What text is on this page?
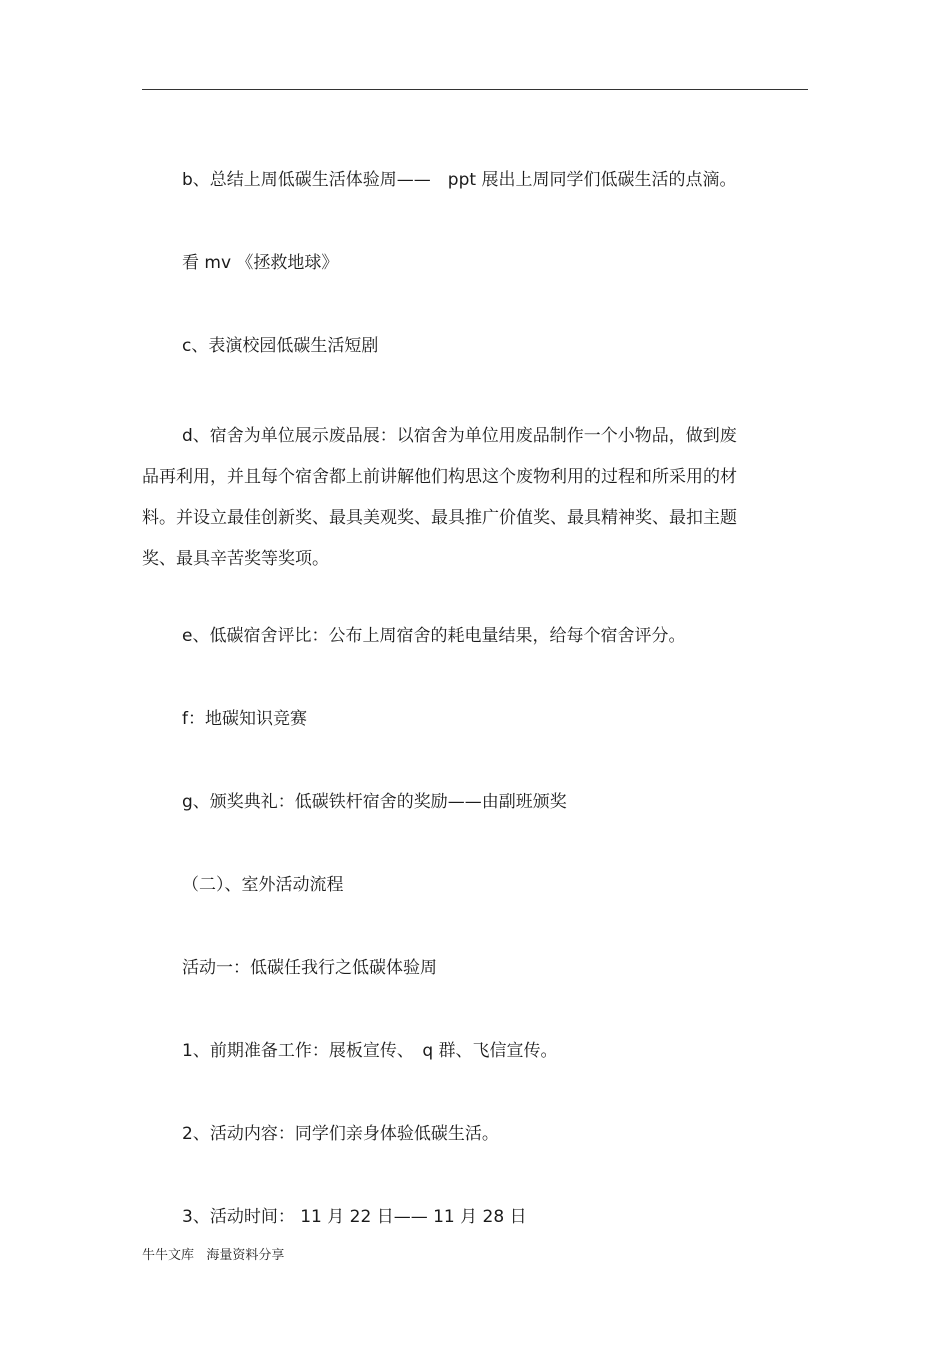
b、总结上周低碳生活体验周——　ppt 展出上周同学们低碳生活的点滴。

看 mv 《拯救地球》

c、表演校园低碳生活短剧

d、宿舍为单位展示废品展：以宿舍为单位用废品制作一个小物品，做到废
品再利用，并且每个宿舍都上前讲解他们构思这个废物利用的过程和所采用的材
料。并设立最佳创新奖、最具美观奖、最具推广价值奖、最具精神奖、最扣主题
奖、最具辛苦奖等奖项。

e、低碳宿舍评比：公布上周宿舍的耗电量结果，给每个宿舍评分。

f：地碳知识竞赛

g、颁奖典礼：低碳铁杆宿舍的奖励——由副班颁奖

（二）、室外活动流程

活动一：低碳任我行之低碳体验周

1、前期准备工作：展板宣传、　q 群、飞信宣传。

2、活动内容：同学们亲身体验低碳生活。

3、活动时间： 11 月 22 日—— 11 月 28 日

牛牛文库   海量资料分享
